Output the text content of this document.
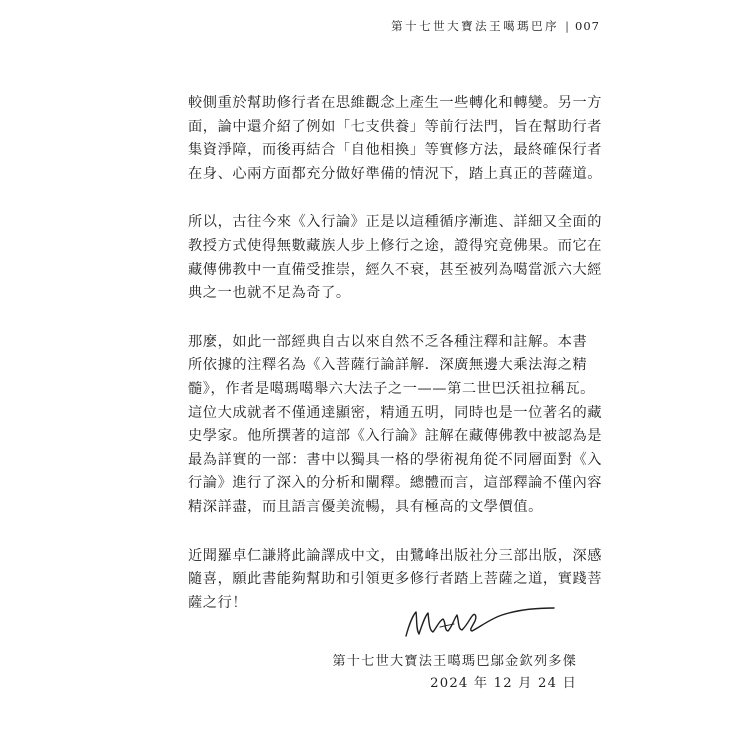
第十七世大寶法王噶瑪巴序 | 007

較側重於幫助修行者在思維觀念上產生一些轉化和轉變。另一方
面，論中還介紹了例如「七支供養」等前行法門，旨在幫助行者
集資淨障，而後再結合「自他相換」等實修方法，最終確保行者
在身、心兩方面都充分做好準備的情況下，踏上真正的菩薩道。

所以，古往今來《入行論》正是以這種循序漸進、詳細又全面的
教授方式使得無數藏族人步上修行之途，證得究竟佛果。而它在
藏傳佛教中一直備受推崇，經久不衰，甚至被列為噶當派六大經
典之一也就不足為奇了。

那麼，如此一部經典自古以來自然不乏各種注釋和註解。本書
所依據的注釋名為《入菩薩行論詳解．深廣無邊大乘法海之精
髓》，作者是噶瑪噶舉六大法子之一——第二世巴沃祖拉稱瓦。
這位大成就者不僅通達顯密，精通五明，同時也是一位著名的藏
史學家。他所撰著的這部《入行論》註解在藏傳佛教中被認為是
最為詳實的一部：書中以獨具一格的學術視角從不同層面對《入
行論》進行了深入的分析和闡釋。總體而言，這部釋論不僅內容
精深詳盡，而且語言優美流暢，具有極高的文學價值。

近聞羅卓仁謙將此論譯成中文，由鷺峰出版社分三部出版，深感
隨喜，願此書能夠幫助和引領更多修行者踏上菩薩之道，實踐菩
薩之行！

第十七世大寶法王噶瑪巴鄔金欽列多傑
2024 年 12 月 24 日
